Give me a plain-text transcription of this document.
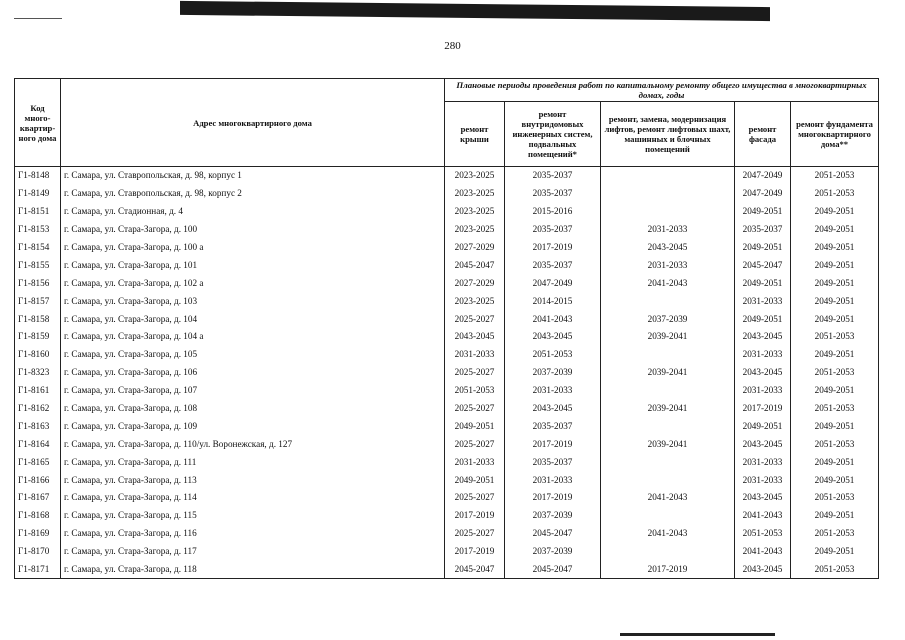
280
Код много-квартир-ного дома	Адрес многоквартирного дома	Плановые периоды проведения работ по капитальному ремонту общего имущества в многоквартирных домах, годы				
		ремонт крыши	ремонт внутридомовых инженерных систем, подвальных помещений*	ремонт, замена, модернизация лифтов, ремонт лифтовых шахт, машинных и блочных помещений	ремонт фасада	ремонт фундамента многоквартирного дома**
Г1-8148	г. Самара, ул. Ставропольская, д. 98, корпус 1	2023-2025	2035-2037		2047-2049	2051-2053
Г1-8149	г. Самара, ул. Ставропольская, д. 98, корпус 2	2023-2025	2035-2037		2047-2049	2051-2053
Г1-8151	г. Самара, ул. Стадионная, д. 4	2023-2025	2015-2016		2049-2051	2049-2051
Г1-8153	г. Самара, ул. Стара-Загора, д. 100	2023-2025	2035-2037	2031-2033	2035-2037	2049-2051
Г1-8154	г. Самара, ул. Стара-Загора, д. 100 а	2027-2029	2017-2019	2043-2045	2049-2051	2049-2051
Г1-8155	г. Самара, ул. Стара-Загора, д. 101	2045-2047	2035-2037	2031-2033	2045-2047	2049-2051
Г1-8156	г. Самара, ул. Стара-Загора, д. 102 а	2027-2029	2047-2049	2041-2043	2049-2051	2049-2051
Г1-8157	г. Самара, ул. Стара-Загора, д. 103	2023-2025	2014-2015		2031-2033	2049-2051
Г1-8158	г. Самара, ул. Стара-Загора, д. 104	2025-2027	2041-2043	2037-2039	2049-2051	2049-2051
Г1-8159	г. Самара, ул. Стара-Загора, д. 104 а	2043-2045	2043-2045	2039-2041	2043-2045	2051-2053
Г1-8160	г. Самара, ул. Стара-Загора, д. 105	2031-2033	2051-2053		2031-2033	2049-2051
Г1-8323	г. Самара, ул. Стара-Загора, д. 106	2025-2027	2037-2039	2039-2041	2043-2045	2051-2053
Г1-8161	г. Самара, ул. Стара-Загора, д. 107	2051-2053	2031-2033		2031-2033	2049-2051
Г1-8162	г. Самара, ул. Стара-Загора, д. 108	2025-2027	2043-2045	2039-2041	2017-2019	2051-2053
Г1-8163	г. Самара, ул. Стара-Загора, д. 109	2049-2051	2035-2037		2049-2051	2049-2051
Г1-8164	г. Самара, ул. Стара-Загора, д. 110/ул. Воронежская, д. 127	2025-2027	2017-2019	2039-2041	2043-2045	2051-2053
Г1-8165	г. Самара, ул. Стара-Загора, д. 111	2031-2033	2035-2037		2031-2033	2049-2051
Г1-8166	г. Самара, ул. Стара-Загора, д. 113	2049-2051	2031-2033		2031-2033	2049-2051
Г1-8167	г. Самара, ул. Стара-Загора, д. 114	2025-2027	2017-2019	2041-2043	2043-2045	2051-2053
Г1-8168	г. Самара, ул. Стара-Загора, д. 115	2017-2019	2037-2039		2041-2043	2049-2051
Г1-8169	г. Самара, ул. Стара-Загора, д. 116	2025-2027	2045-2047	2041-2043	2051-2053	2051-2053
Г1-8170	г. Самара, ул. Стара-Загора, д. 117	2017-2019	2037-2039		2041-2043	2049-2051
Г1-8171	г. Самара, ул. Стара-Загора, д. 118	2045-2047	2045-2047	2017-2019	2043-2045	2051-2053
